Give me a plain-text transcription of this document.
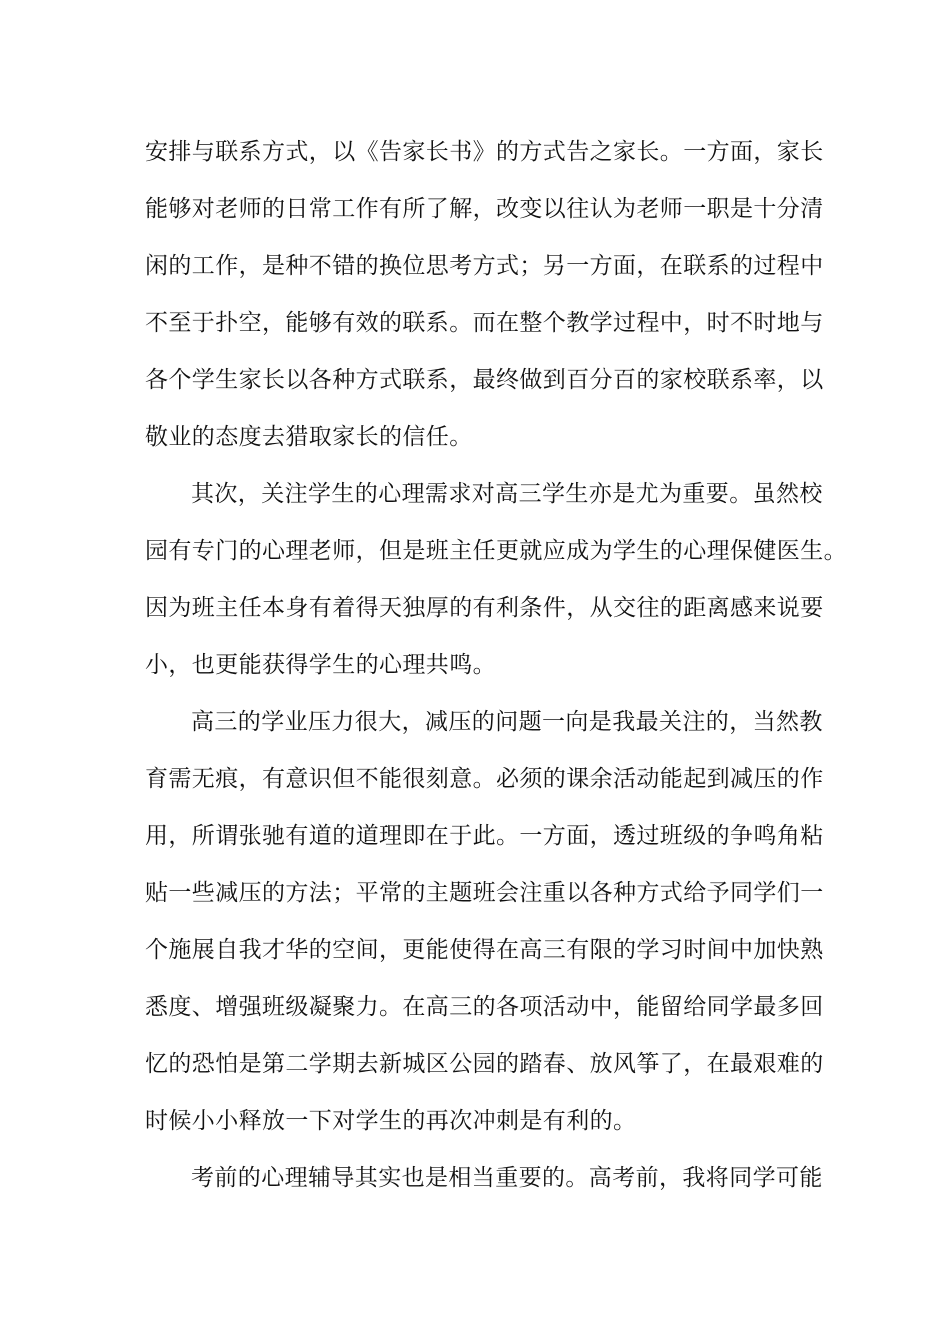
安排与联系方式，以《告家长书》的方式告之家长。一方面，家长
能够对老师的日常工作有所了解，改变以往认为老师一职是十分清
闲的工作，是种不错的换位思考方式；另一方面，在联系的过程中
不至于扑空，能够有效的联系。而在整个教学过程中，时不时地与
各个学生家长以各种方式联系，最终做到百分百的家校联系率，以
敬业的态度去猎取家长的信任。
其次，关注学生的心理需求对高三学生亦是尤为重要。虽然校
园有专门的心理老师，但是班主任更就应成为学生的心理保健医生。
因为班主任本身有着得天独厚的有利条件，从交往的距离感来说要
小，也更能获得学生的心理共鸣。
高三的学业压力很大，减压的问题一向是我最关注的，当然教
育需无痕，有意识但不能很刻意。必须的课余活动能起到减压的作
用，所谓张驰有道的道理即在于此。一方面，透过班级的争鸣角粘
贴一些减压的方法；平常的主题班会注重以各种方式给予同学们一
个施展自我才华的空间，更能使得在高三有限的学习时间中加快熟
悉度、增强班级凝聚力。在高三的各项活动中，能留给同学最多回
忆的恐怕是第二学期去新城区公园的踏春、放风筝了，在最艰难的
时候小小释放一下对学生的再次冲刺是有利的。
考前的心理辅导其实也是相当重要的。高考前，我将同学可能
